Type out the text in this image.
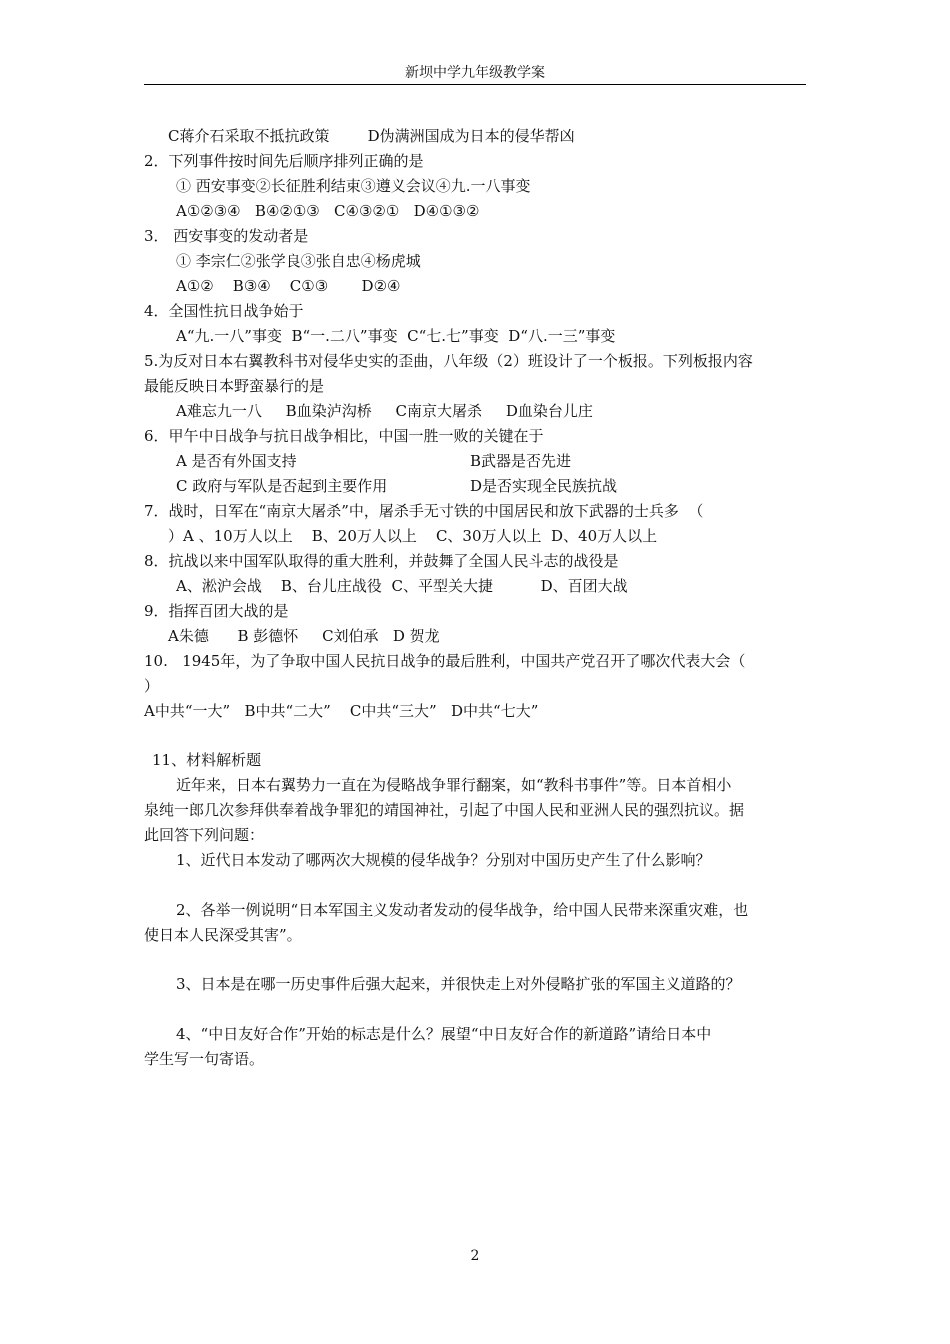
新坝中学九年级教学案
C蒋介石采取不抵抗政策        D伪满洲国成为日本的侵华帮凶
2．下列事件按时间先后顺序排列正确的是
① 西安事变②长征胜利结束③遵义会议④九.一八事变
A①②③④   B④②①③   C④③②①   D④①③②
3． 西安事变的发动者是
① 李宗仁②张学良③张自忠④杨虎城
A①②    B③④    C①③       D②④
4．全国性抗日战争始于
A“九.一八”事变  B“一.二八”事变  C“七.七”事变  D“八.一三”事变
5.为反对日本右翼教科书对侵华史实的歪曲，八年级（2）班设计了一个板报。下列板报内容
最能反映日本野蛮暴行的是
A难忘九一八     B血染泸沟桥     C南京大屠杀     D血染台儿庄
6．甲午中日战争与抗日战争相比，中国一胜一败的关键在于
A 是否有外国支持	B武器是否先进
C 政府与军队是否起到主要作用	D是否实现全民族抗战
7．战时，日军在“南京大屠杀”中，屠杀手无寸铁的中国居民和放下武器的士兵多  （
）A 、10万人以上    B、20万人以上    C、30万人以上  D、40万人以上
8．抗战以来中国军队取得的重大胜利，并鼓舞了全国人民斗志的战役是
A、淞沪会战    B、台儿庄战役  C、平型关大捷          D、百团大战
9．指挥百团大战的是
A朱德      B 彭德怀     C刘伯承   D 贺龙
10.   1945年，为了争取中国人民抗日战争的最后胜利，中国共产党召开了哪次代表大会（
）
A中共“一大”   B中共“二大”    C中共“三大”   D中共“七大”
11、材料解析题
近年来，日本右翼势力一直在为侵略战争罪行翻案，如“教科书事件”等。日本首相小
泉纯一郎几次参拜供奉着战争罪犯的靖国神社，引起了中国人民和亚洲人民的强烈抗议。据
此回答下列问题：
1、近代日本发动了哪两次大规模的侵华战争？分别对中国历史产生了什么影响？
2、各举一例说明“日本军国主义发动者发动的侵华战争，给中国人民带来深重灾难，也
使日本人民深受其害”。
3、日本是在哪一历史事件后强大起来，并很快走上对外侵略扩张的军国主义道路的？
4、“中日友好合作”开始的标志是什么？展望“中日友好合作的新道路”请给日本中
学生写一句寄语。
2
